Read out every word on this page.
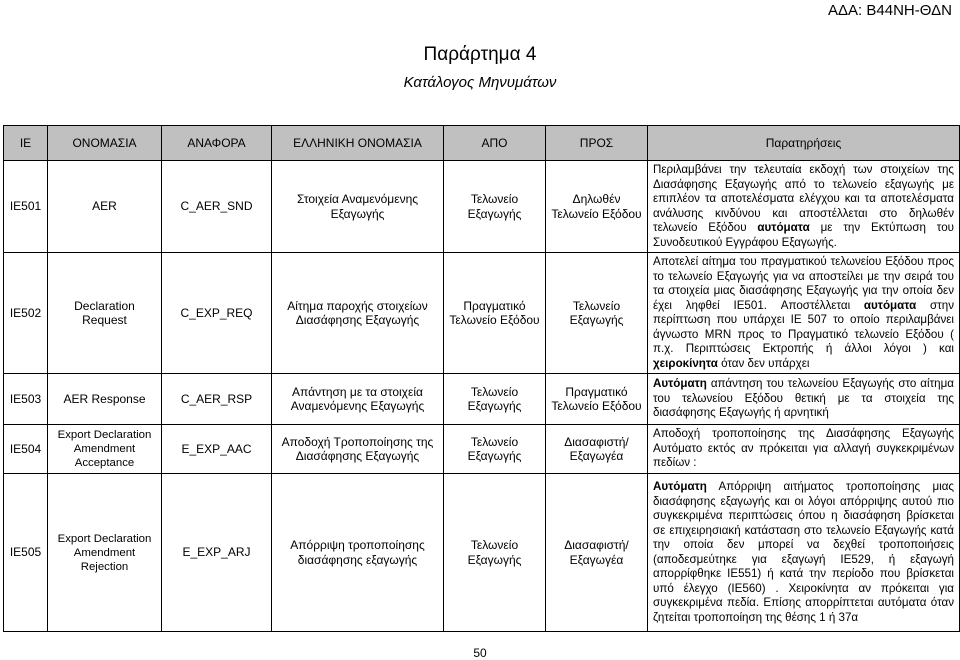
ΑΔΑ: Β44ΝΗ-ΘΔΝ
Παράρτημα 4
Κατάλογος Μηνυμάτων
IE	ΟΝΟΜΑΣΙΑ	ΑΝΑΦΟΡΑ	ΕΛΛΗΝΙΚΗ ΟΝΟΜΑΣΙΑ	ΑΠΟ	ΠΡΟΣ	Παρατηρήσεις
IE501	AER	C_AER_SND	Στοιχεία Αναμενόμενης Εξαγωγής	Τελωνείο Εξαγωγής	Δηλωθέν Τελωνείο Εξόδου	Περιλαμβάνει την τελευταία εκδοχή των στοιχείων της Διασάφησης Εξαγωγής από το τελωνείο εξαγωγής με επιπλέον τα αποτελέσματα ελέγχου και τα αποτελέσματα ανάλυσης κινδύνου και αποστέλλεται στο δηλωθέν τελωνείο Εξόδου αυτόματα με την Εκτύπωση του Συνοδευτικού Εγγράφου Εξαγωγής.
IE502	Declaration Request	C_EXP_REQ	Αίτημα παροχής στοιχείων Διασάφησης Εξαγωγής	Πραγματικό Τελωνείο Εξόδου	Τελωνείο Εξαγωγής	Αποτελεί αίτημα του πραγματικού τελωνείου Εξόδου προς το τελωνείο Εξαγωγής για να αποστείλει με την σειρά του τα στοιχεία μιας διασάφησης Εξαγωγής για την οποία δεν έχει ληφθεί IE501. Αποστέλλεται αυτόματα στην περίπτωση που υπάρχει IE 507 το οποίο περιλαμβάνει άγνωστο MRN προς το Πραγματικό τελωνείο Εξόδου ( π.χ. Περιπτώσεις Εκτροπής ή άλλοι λόγοι ) και χειροκίνητα όταν δεν υπάρχει
IE503	AER Response	C_AER_RSP	Απάντηση με τα στοιχεία Αναμενόμενης Εξαγωγής	Τελωνείο Εξαγωγής	Πραγματικό Τελωνείο Εξόδου	Αυτόματη απάντηση του τελωνείου Εξαγωγής στο αίτημα του τελωνείου Εξόδου θετική με τα στοιχεία της διασάφησης Εξαγωγής ή αρνητική
IE504	Export Declaration Amendment Acceptance	E_EXP_AAC	Αποδοχή Τροποποίησης της Διασάφησης Εξαγωγής	Τελωνείο Εξαγωγής	Διασαφιστή/ Εξαγωγέα	Αποδοχή τροποποίησης της Διασάφησης Εξαγωγής Αυτόματο εκτός αν πρόκειται για αλλαγή συγκεκριμένων πεδίων :
IE505	Export Declaration Amendment Rejection	E_EXP_ARJ	Απόρριψη τροποποίησης διασάφησης εξαγωγής	Τελωνείο Εξαγωγής	Διασαφιστή/ Εξαγωγέα	Αυτόματη Απόρριψη αιτήματος τροποποίησης μιας διασάφησης εξαγωγής και οι λόγοι απόρριψης αυτού πιο συγκεκριμένα περιπτώσεις όπου η διασάφηση βρίσκεται σε επιχειρησιακή κατάσταση στο τελωνείο Εξαγωγής κατά την οποία δεν μπορεί να δεχθεί τροποποιήσεις (αποδεσμεύτηκε για εξαγωγή IE529, ή εξαγωγή απορρίφθηκε IE551) ή κατά την περίοδο που βρίσκεται υπό έλεγχο (IE560) . Χειροκίνητα αν πρόκειται για συγκεκριμένα πεδία. Επίσης απορρίπτεται αυτόματα όταν ζητείται τροποποίηση της θέσης 1 ή 37α
50
